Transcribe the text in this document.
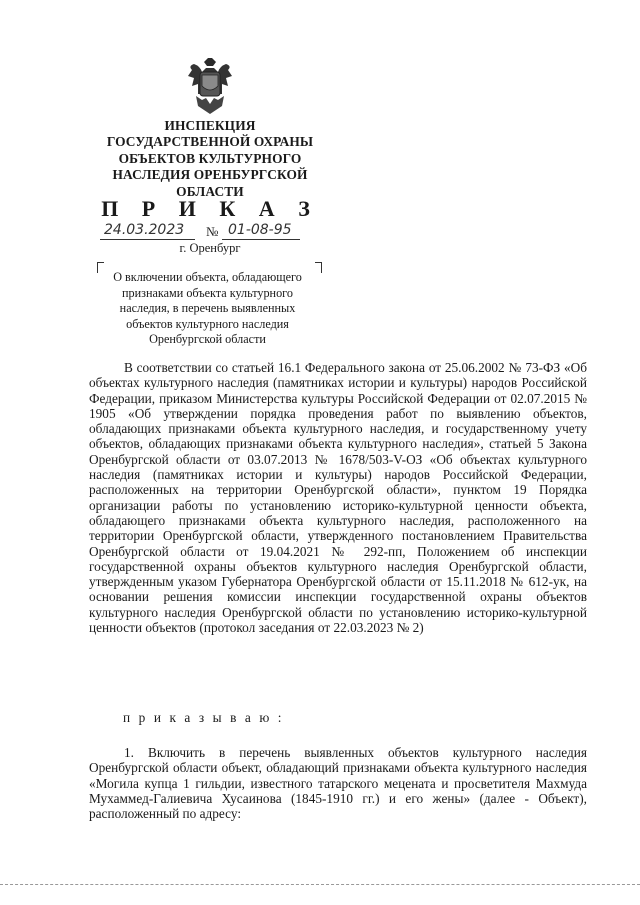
ИНСПЕКЦИЯ
ГОСУДАРСТВЕННОЙ ОХРАНЫ
ОБЪЕКТОВ КУЛЬТУРНОГО
НАСЛЕДИЯ ОРЕНБУРГСКОЙ
ОБЛАСТИ
П Р И К А З
24.03.2023 № 01-08-95
г. Оренбург
О включении объекта, обладающего
признаками объекта культурного
наследия, в перечень выявленных
объектов культурного наследия
Оренбургской области
В соответствии со статьей 16.1 Федерального закона от 25.06.2002 № 73-ФЗ «Об объектах культурного наследия (памятниках истории и культуры) народов Российской Федерации, приказом Министерства культуры Российской Федерации от 02.07.2015 № 1905 «Об утверждении порядка проведения работ по выявлению объектов, обладающих признаками объекта культурного наследия, и государственному учету объектов, обладающих признаками объекта культурного наследия», статьей 5 Закона Оренбургской области от 03.07.2013 № 1678/503-V-ОЗ «Об объектах культурного наследия (памятниках истории и культуры) народов Российской Федерации, расположенных на территории Оренбургской области», пунктом 19 Порядка организации работы по установлению историко-культурной ценности объекта, обладающего признаками объекта культурного наследия, расположенного на территории Оренбургской области, утвержденного постановлением Правительства Оренбургской области от 19.04.2021 № 292-пп, Положением об инспекции государственной охраны объектов культурного наследия Оренбургской области, утвержденным указом Губернатора Оренбургской области от 15.11.2018 № 612-ук, на основании решения комиссии инспекции государственной охраны объектов культурного наследия Оренбургской области по установлению историко-культурной ценности объектов (протокол заседания от 22.03.2023 № 2)
п р и к а з ы в а ю :
1. Включить в перечень выявленных объектов культурного наследия Оренбургской области объект, обладающий признаками объекта культурного наследия «Могила купца 1 гильдии, известного татарского мецената и просветителя Махмуда Мухаммед-Галиевича Хусаинова (1845-1910 гг.) и его жены» (далее - Объект), расположенный по адресу:
